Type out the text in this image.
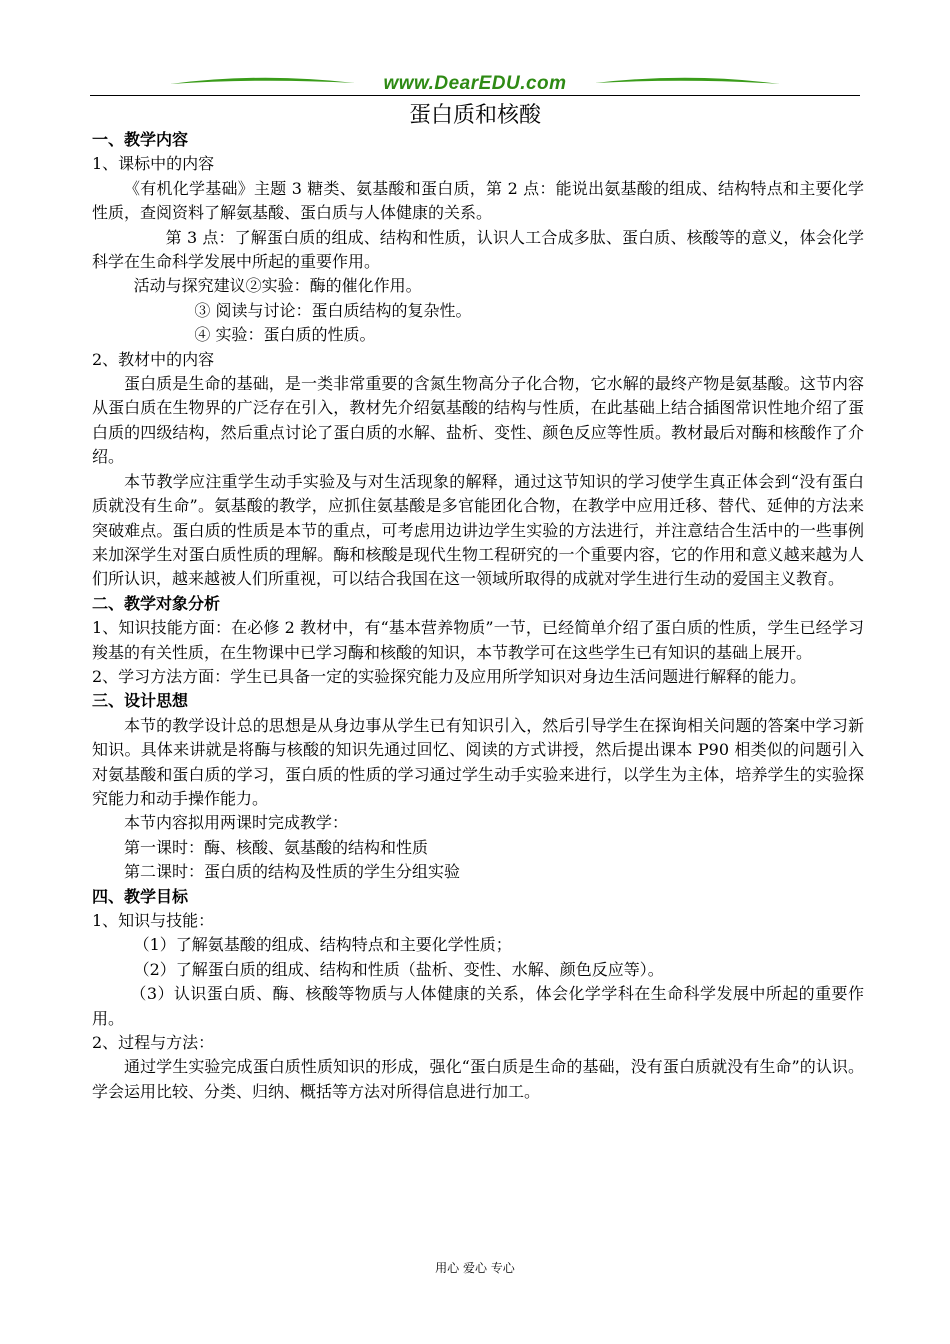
www.DearEDU.com
蛋白质和核酸

一、教学内容

1、课标中的内容

《有机化学基础》主题 3 糖类、氨基酸和蛋白质，第 2 点：能说出氨基酸的组成、结构特点和主要化学性质，查阅资料了解氨基酸、蛋白质与人体健康的关系。

第 3 点：了解蛋白质的组成、结构和性质，认识人工合成多肽、蛋白质、核酸等的意义，体会化学科学在生命科学发展中所起的重要作用。

活动与探究建议②实验：酶的催化作用。

③ 阅读与讨论：蛋白质结构的复杂性。

④ 实验：蛋白质的性质。

2、教材中的内容

蛋白质是生命的基础，是一类非常重要的含氮生物高分子化合物，它水解的最终产物是氨基酸。这节内容从蛋白质在生物界的广泛存在引入，教材先介绍氨基酸的结构与性质，在此基础上结合插图常识性地介绍了蛋白质的四级结构，然后重点讨论了蛋白质的水解、盐析、变性、颜色反应等性质。教材最后对酶和核酸作了介绍。

本节教学应注重学生动手实验及与对生活现象的解释，通过这节知识的学习使学生真正体会到“没有蛋白质就没有生命”。氨基酸的教学，应抓住氨基酸是多官能团化合物，在教学中应用迁移、替代、延伸的方法来突破难点。蛋白质的性质是本节的重点，可考虑用边讲边学生实验的方法进行，并注意结合生活中的一些事例来加深学生对蛋白质性质的理解。酶和核酸是现代生物工程研究的一个重要内容，它的作用和意义越来越为人们所认识，越来越被人们所重视，可以结合我国在这一领域所取得的成就对学生进行生动的爱国主义教育。

二、教学对象分析

1、知识技能方面：在必修 2 教材中，有“基本营养物质”一节，已经简单介绍了蛋白质的性质，学生已经学习羧基的有关性质，在生物课中已学习酶和核酸的知识，本节教学可在这些学生已有知识的基础上展开。

2、学习方法方面：学生已具备一定的实验探究能力及应用所学知识对身边生活问题进行解释的能力。

三、设计思想

本节的教学设计总的思想是从身边事从学生已有知识引入，然后引导学生在探询相关问题的答案中学习新知识。具体来讲就是将酶与核酸的知识先通过回忆、阅读的方式讲授，然后提出课本 P90 相类似的问题引入对氨基酸和蛋白质的学习，蛋白质的性质的学习通过学生动手实验来进行，以学生为主体，培养学生的实验探究能力和动手操作能力。

本节内容拟用两课时完成教学：

第一课时：酶、核酸、氨基酸的结构和性质

第二课时：蛋白质的结构及性质的学生分组实验

四、教学目标

1、知识与技能：

（1）了解氨基酸的组成、结构特点和主要化学性质；

（2）了解蛋白质的组成、结构和性质（盐析、变性、水解、颜色反应等）。

（3）认识蛋白质、酶、核酸等物质与人体健康的关系，体会化学学科在生命科学发展中所起的重要作用。

2、过程与方法：

通过学生实验完成蛋白质性质知识的形成，强化“蛋白质是生命的基础，没有蛋白质就没有生命”的认识。学会运用比较、分类、归纳、概括等方法对所得信息进行加工。

用心 爱心 专心
